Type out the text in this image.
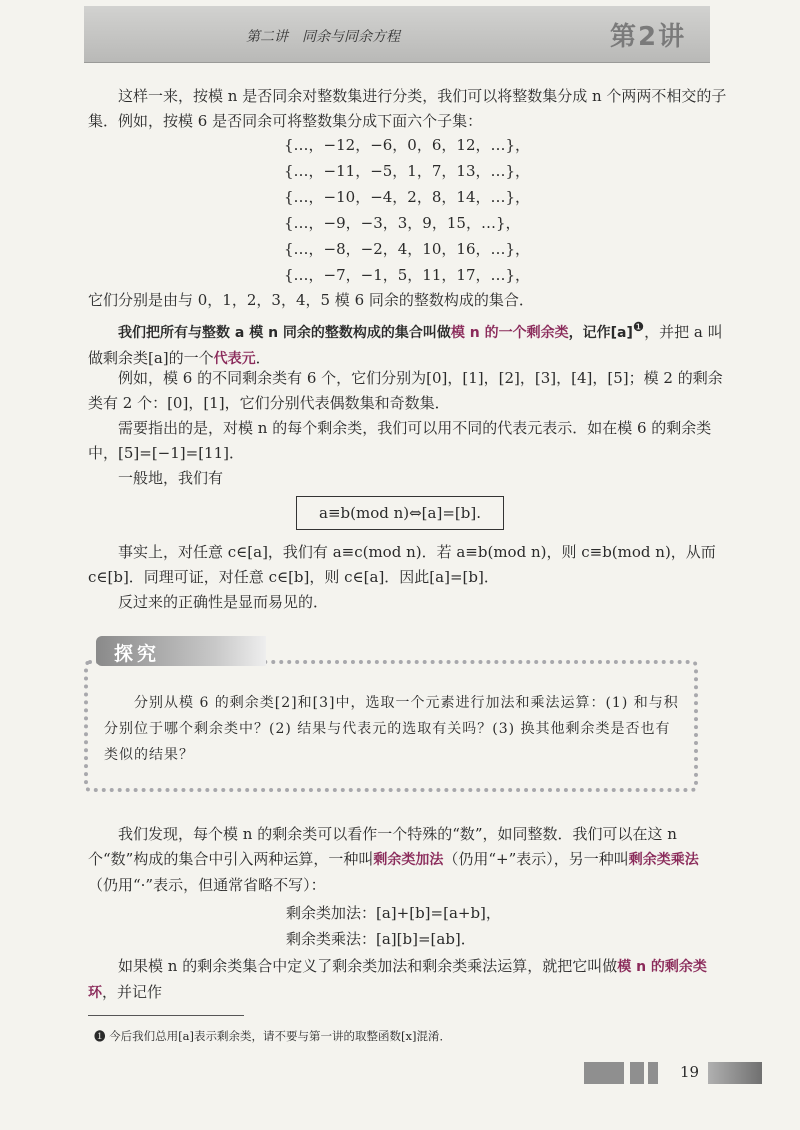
第二讲　同余与同余方程	第2讲

这样一来，按模 n 是否同余对整数集进行分类，我们可以将整数集分成 n 个两两不相交的子集．例如，按模 6 是否同余可将整数集分成下面六个子集：

{…，−12，−6，0，6，12，…}，
{…，−11，−5，1，7，13，…}，
{…，−10，−4，2，8，14，…}，
{…，−9，−3，3，9，15，…}，
{…，−8，−2，4，10，16，…}，
{…，−7，−1，5，11，17，…}，

它们分别是由与 0，1，2，3，4，5 模 6 同余的整数构成的集合．

我们把所有与整数 a 模 n 同余的整数构成的集合叫做模 n 的一个剩余类，记作$[a]^❶$，并把 a 叫做剩余类[a]的一个代表元．

例如，模 6 的不同剩余类有 6 个，它们分别为[0]，[1]，[2]，[3]，[4]，[5]；模 2 的剩余类有 2 个：[0]，[1]，它们分别代表偶数集和奇数集．

需要指出的是，对模 n 的每个剩余类，我们可以用不同的代表元表示．如在模 6 的剩余类中，[5]=[−1]=[11]．

一般地，我们有

a≡b(mod n)⇔[a]=[b].

事实上，对任意 c∈[a]，我们有 a≡c(mod n)．若 a≡b(mod n)，则 c≡b(mod n)，从而 c∈[b]．同理可证，对任意 c∈[b]，则 c∈[a]．因此[a]=[b]．

反过来的正确性是显而易见的．

探究

分别从模 6 的剩余类[2]和[3]中，选取一个元素进行加法和乘法运算：(1) 和与积分别位于哪个剩余类中？(2) 结果与代表元的选取有关吗？(3) 换其他剩余类是否也有类似的结果？

我们发现，每个模 n 的剩余类可以看作一个特殊的“数”，如同整数．我们可以在这 n 个“数”构成的集合中引入两种运算，一种叫剩余类加法（仍用“+”表示），另一种叫剩余类乘法（仍用“·”表示，但通常省略不写）：

剩余类加法：[a]+[b]=[a+b]，
剩余类乘法：[a][b]=[ab]．

如果模 n 的剩余类集合中定义了剩余类加法和剩余类乘法运算，就把它叫做模 n 的剩余类环，并记作

❶ 今后我们总用[a]表示剩余类，请不要与第一讲的取整函数[x]混淆．
19
